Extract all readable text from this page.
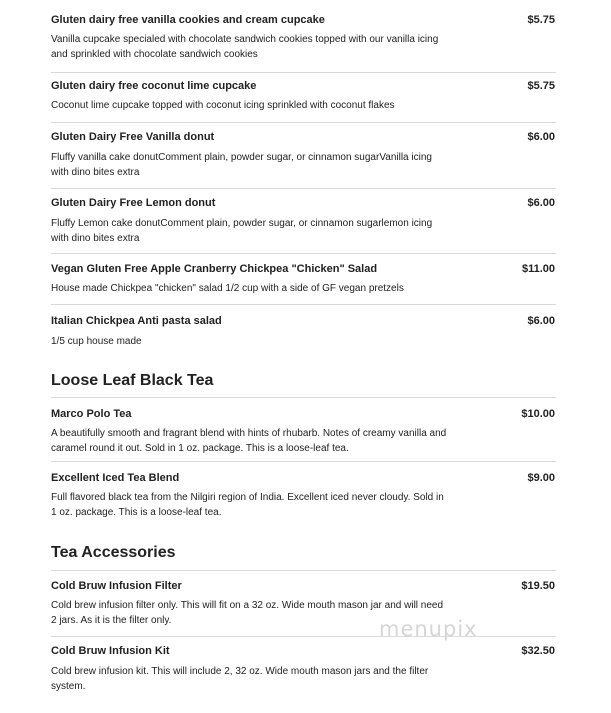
Gluten dairy free vanilla cookies and cream cupcake	$5.75
Vanilla cupcake specialed with chocolate sandwich cookies topped with our vanilla icing and sprinkled with chocolate sandwich cookies
Gluten dairy free coconut lime cupcake	$5.75
Coconut lime cupcake topped with coconut icing sprinkled with coconut flakes
Gluten Dairy Free Vanilla donut	$6.00
Fluffy vanilla cake donutComment plain, powder sugar, or cinnamon sugarVanilla icing with dino bites extra
Gluten Dairy Free Lemon donut	$6.00
Fluffy Lemon cake donutComment plain, powder sugar, or cinnamon sugarlemon icing with dino bites extra
Vegan Gluten Free Apple Cranberry Chickpea "Chicken" Salad	$11.00
House made Chickpea "chicken" salad 1/2 cup with a side of GF vegan pretzels
Italian Chickpea Anti pasta salad	$6.00
1/5 cup house made
Loose Leaf Black Tea
Marco Polo Tea	$10.00
A beautifully smooth and fragrant blend with hints of rhubarb. Notes of creamy vanilla and caramel round it out. Sold in 1 oz. package. This is a loose-leaf tea.
Excellent Iced Tea Blend	$9.00
Full flavored black tea from the Nilgiri region of India. Excellent iced never cloudy. Sold in 1 oz. package. This is a loose-leaf tea.
Tea Accessories
Cold Bruw Infusion Filter	$19.50
Cold brew infusion filter only. This will fit on a 32 oz. Wide mouth mason jar and will need 2 jars. As it is the filter only.
Cold Bruw Infusion Kit	$32.50
Cold brew infusion kit. This will include 2, 32 oz. Wide mouth mason jars and the filter system.
menupix
